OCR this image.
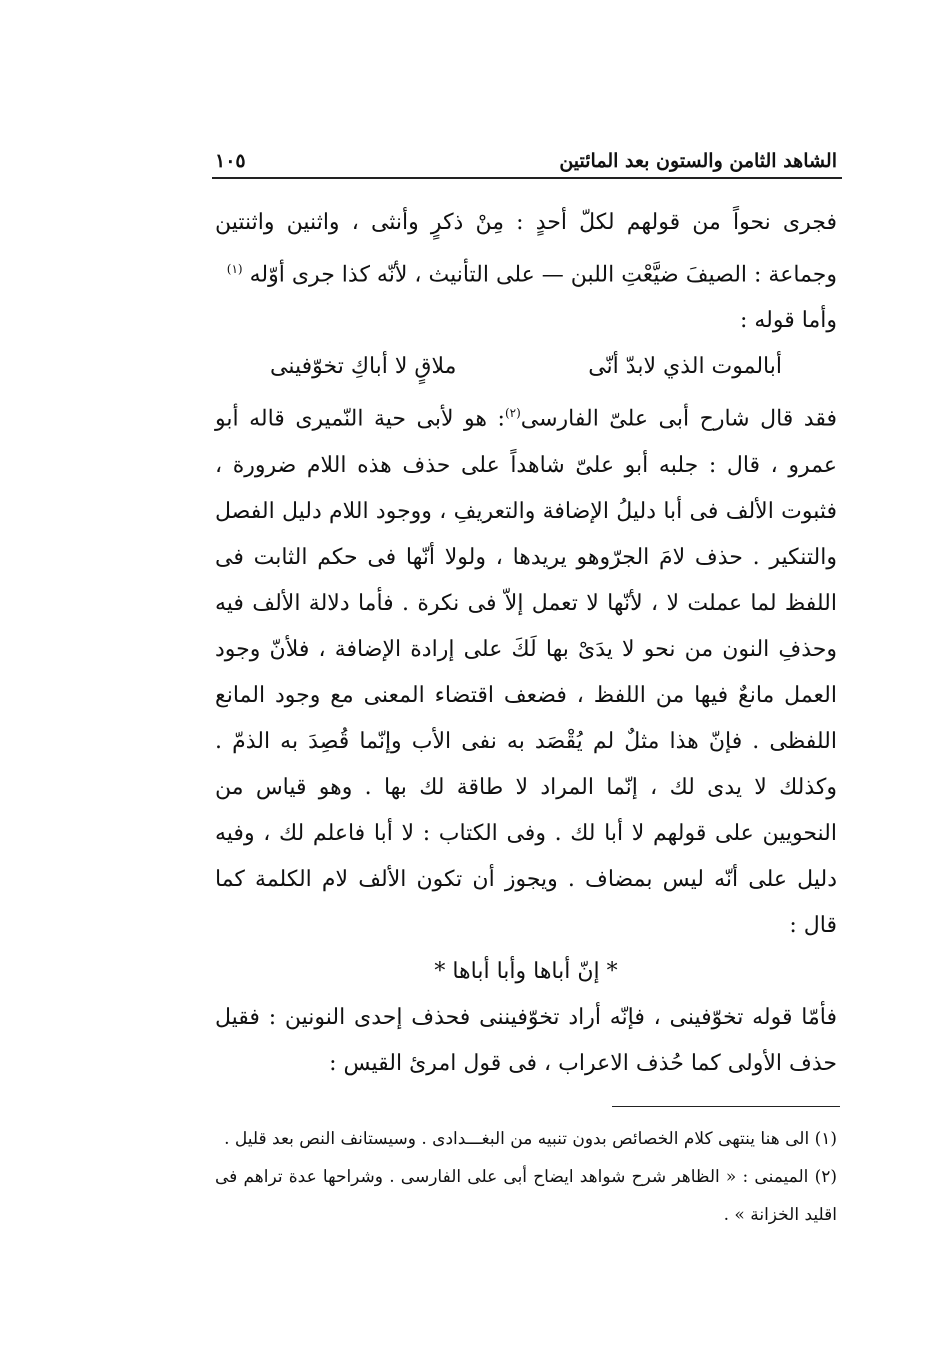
الشاهد الثامن والستون بعد المائتين
١٠٥

فجرى نحواً من قولهم لكلّ أحدٍ : مِنْ ذكرٍ وأنثى ، واثنين واثنتين وجماعة : الصيفَ ضيَّعْتِ اللبن — على التأنيث ، لأنّه كذا جرى أوّله $^{(١)}$

وأما قوله :

أبالموت الذي لابدّ أنّى
ملاقٍ لا أباكِ تخوّفينى

فقد قال شارح أبى علىّ الفارسى$^{(٢)}$: هو لأبى حية النّميرى قاله أبو عمرو ، قال : جلبه أبو علىّ شاهداً على حذف هذه اللام ضرورة ، فثبوت الألف فى أبا دليلُ الإضافة والتعريفِ ، ووجود اللام دليل الفصل والتنكير . حذف لامَ الجرّوهو يريدها ، ولولا أنّها فى حكم الثابت فى اللفظ لما عملت لا ، لأنّها لا تعمل إلاّ فى نكرة . فأما دلالة الألف فيه وحذفِ النون من نحو لا يدَىْ بها لَكَ على إرادة الإضافة ، فلأنّ وجود العمل مانعٌ فيها من اللفظ ، فضعف اقتضاء المعنى مع وجود المانع اللفظى . فإنّ هذا مثلٌ لم يُقْصَد به نفى الأب وإنّما قُصِدَ به الذمّ . وكذلك لا يدى لك ، إنّما المراد لا طاقة لك بها . وهو قياس من النحويين على قولهم لا أبا لك . وفى الكتاب : لا أبا فاعلم لك ، وفيه دليل على أنّه ليس بمضاف . ويجوز أن تكون الألف لام الكلمة كما قال :

* إنّ أباها وأبا أباها *

فأمّا قوله تخوّفينى ، فإنّه أراد تخوّفيننى فحذف إحدى النونين : فقيل حذف الأولى كما حُذف الاعراب ، فى قول امرئ القيس :

(١) الى هنا ينتهى كلام الخصائص بدون تنبيه من البغـــدادى . وسيستانف النص بعد قليل .

(٢) الميمنى : « الظاهر شرح شواهد ايضاح أبى على الفارسى . وشراحها عدة تراهم فى اقليد الخزانة » .
